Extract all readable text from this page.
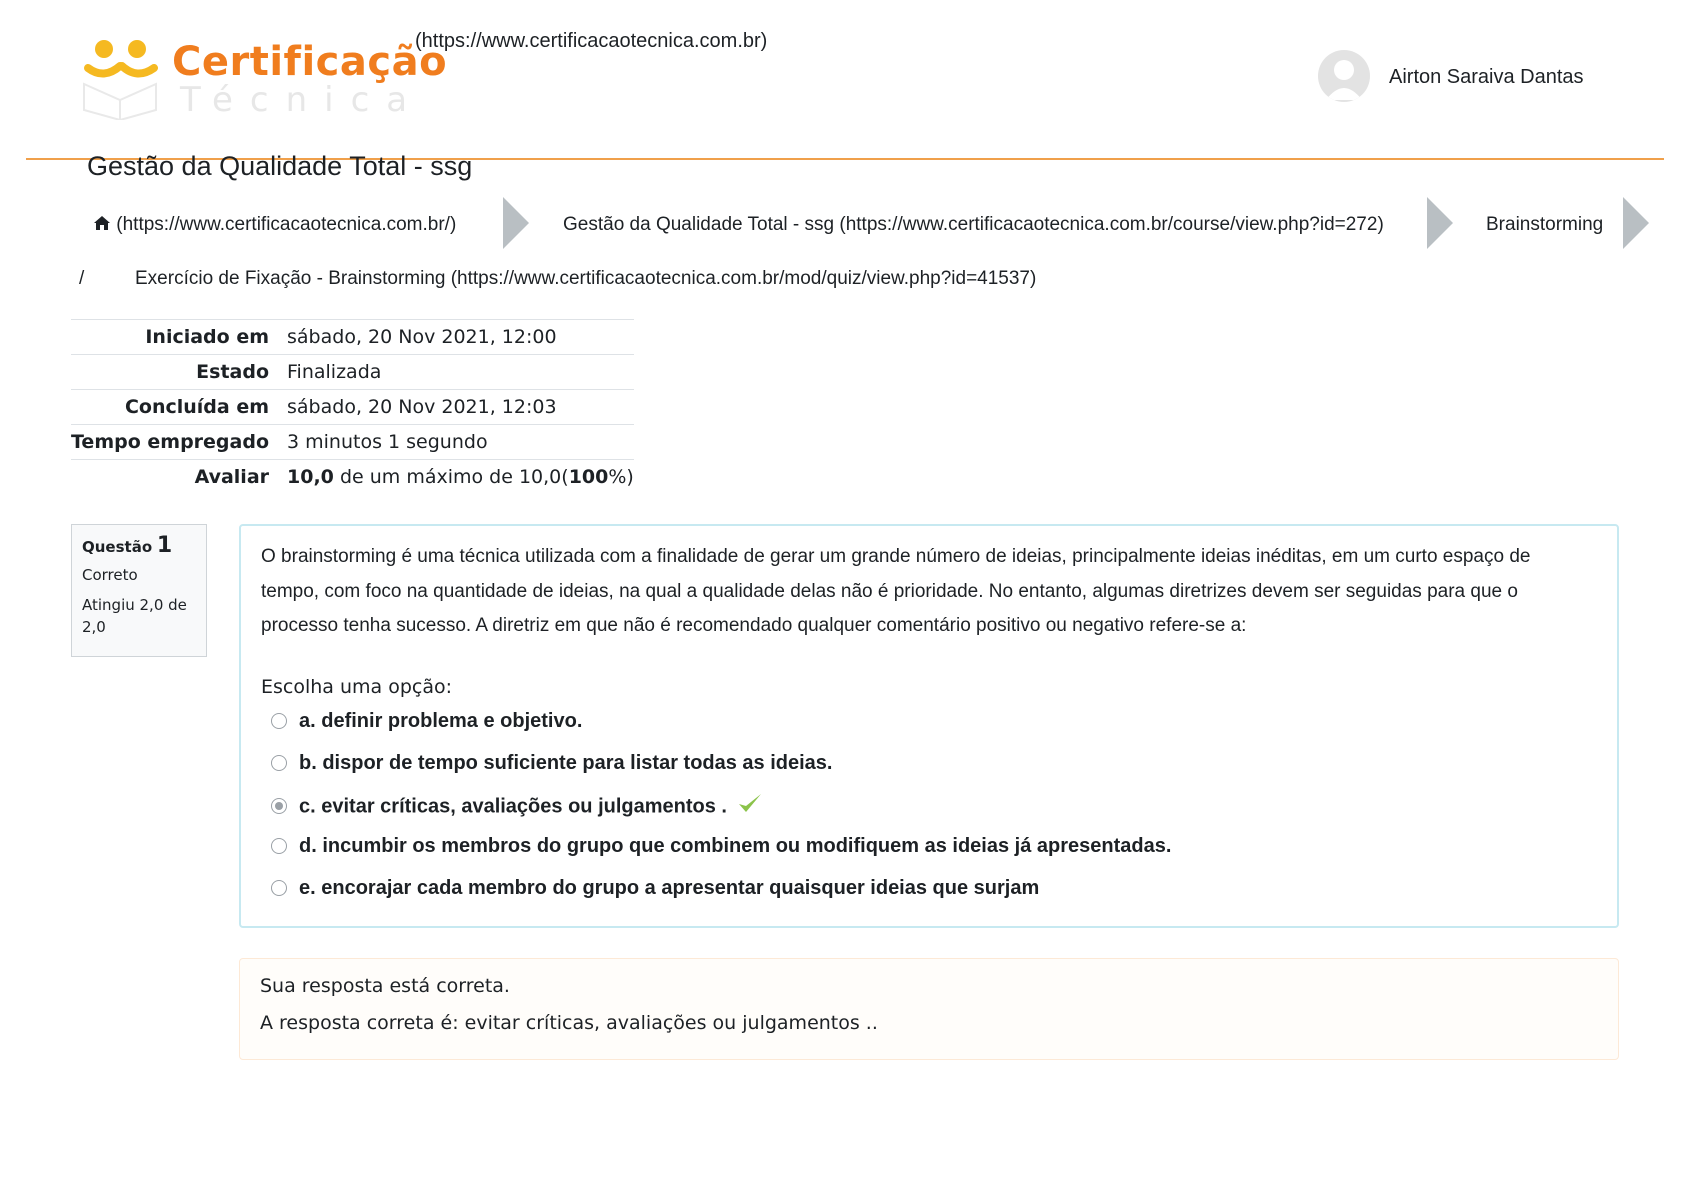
Certificação
Técnica
(https://www.certificacaotecnica.com.br)
Airton Saraiva Dantas
Gestão da Qualidade Total - ssg
(https://www.certificacaotecnica.com.br/)	Gestão da Qualidade Total - ssg (https://www.certificacaotecnica.com.br/course/view.php?id=272)	Brainstorming
/	Exercício de Fixação - Brainstorming (https://www.certificacaotecnica.com.br/mod/quiz/view.php?id=41537)
Iniciado em	sábado, 20 Nov 2021, 12:00
Estado	Finalizada
Concluída em	sábado, 20 Nov 2021, 12:03
Tempo empregado	3 minutos 1 segundo
Avaliar	10,0 de um máximo de 10,0(100%)
Questão 1
Correto
Atingiu 2,0 de 2,0
O brainstorming é uma técnica utilizada com a finalidade de gerar um grande número de ideias, principalmente ideias inéditas, em um curto espaço de tempo, com foco na quantidade de ideias, na qual a qualidade delas não é prioridade. No entanto, algumas diretrizes devem ser seguidas para que o processo tenha sucesso. A diretriz em que não é recomendado qualquer comentário positivo ou negativo refere-se a:
Escolha uma opção:
a. definir problema e objetivo.
b. dispor de tempo suficiente para listar todas as ideias.
c. evitar críticas, avaliações ou julgamentos .
d. incumbir os membros do grupo que combinem ou modifiquem as ideias já apresentadas.
e. encorajar cada membro do grupo a apresentar quaisquer ideias que surjam
Sua resposta está correta.
A resposta correta é: evitar críticas, avaliações ou julgamentos ..
